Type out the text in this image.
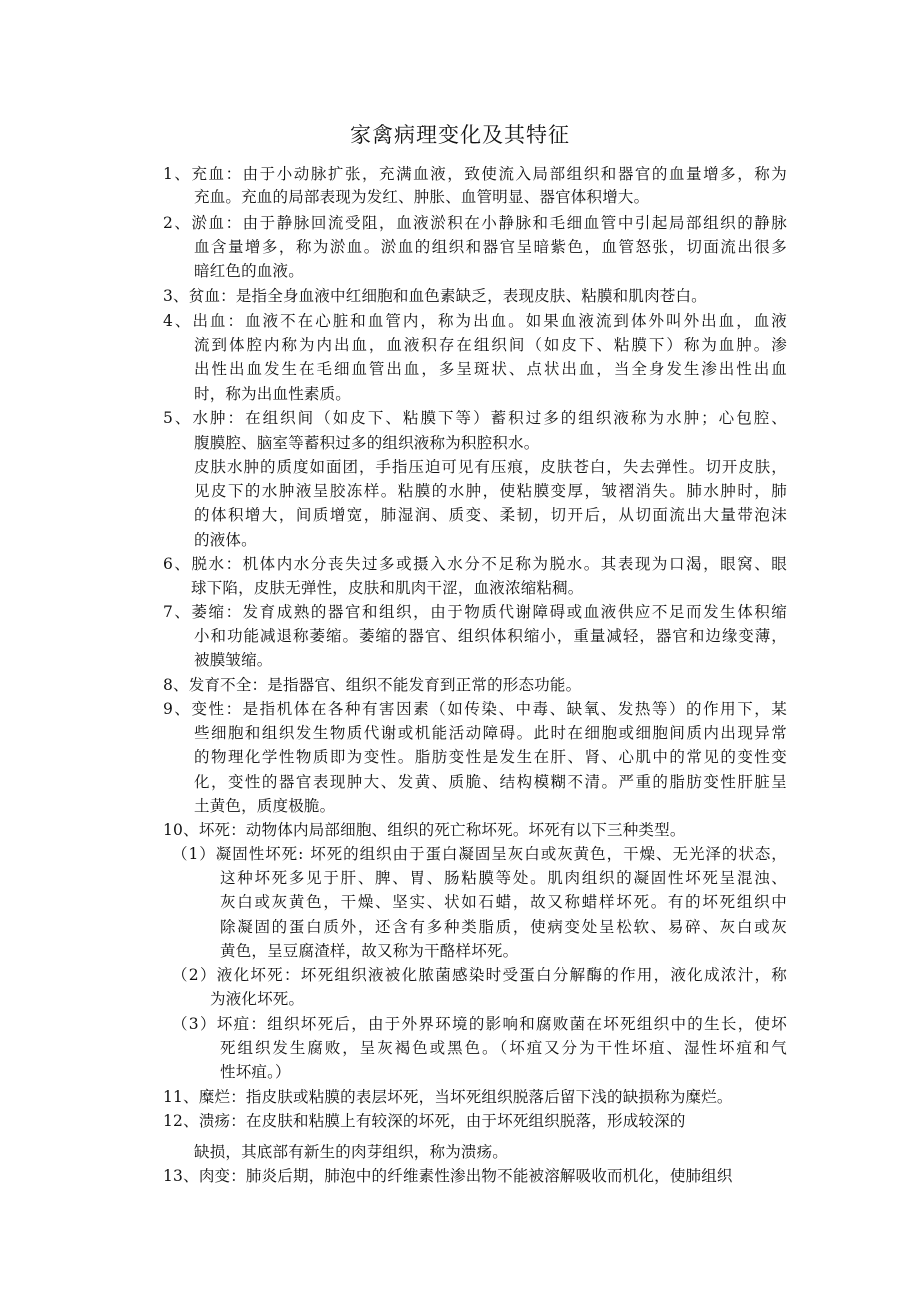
家禽病理变化及其特征
1、充血：由于小动脉扩张，充满血液，致使流入局部组织和器官的血量增多，称为
充血。充血的局部表现为发红、肿胀、血管明显、器官体积增大。
2、淤血：由于静脉回流受阻，血液淤积在小静脉和毛细血管中引起局部组织的静脉
血含量增多，称为淤血。淤血的组织和器官呈暗紫色，血管怒张，切面流出很多
暗红色的血液。
3、贫血：是指全身血液中红细胞和血色素缺乏，表现皮肤、粘膜和肌肉苍白。
4、出血：血液不在心脏和血管内，称为出血。如果血液流到体外叫外出血，血液
流到体腔内称为内出血，血液积存在组织间（如皮下、粘膜下）称为血肿。渗
出性出血发生在毛细血管出血，多呈斑状、点状出血，当全身发生渗出性出血
时，称为出血性素质。
5、水肿：在组织间（如皮下、粘膜下等）蓄积过多的组织液称为水肿；心包腔、
腹膜腔、脑室等蓄积过多的组织液称为积腔积水。
皮肤水肿的质度如面团，手指压迫可见有压痕，皮肤苍白，失去弹性。切开皮肤，
见皮下的水肿液呈胶冻样。粘膜的水肿，使粘膜变厚，皱褶消失。肺水肿时，肺
的体积增大，间质增宽，肺湿润、质变、柔韧，切开后，从切面流出大量带泡沫
的液体。
6、脱水：机体内水分丧失过多或摄入水分不足称为脱水。其表现为口渴，眼窝、眼
球下陷，皮肤无弹性，皮肤和肌肉干涩，血液浓缩粘稠。
7、萎缩：发育成熟的器官和组织，由于物质代谢障碍或血液供应不足而发生体积缩
小和功能减退称萎缩。萎缩的器官、组织体积缩小，重量减轻，器官和边缘变薄，
被膜皱缩。
8、发育不全：是指器官、组织不能发育到正常的形态功能。
9、变性：是指机体在各种有害因素（如传染、中毒、缺氧、发热等）的作用下，某
些细胞和组织发生物质代谢或机能活动障碍。此时在细胞或细胞间质内出现异常
的物理化学性物质即为变性。脂肪变性是发生在肝、肾、心肌中的常见的变性变
化，变性的器官表现肿大、发黄、质脆、结构模糊不清。严重的脂肪变性肝脏呈
土黄色，质度极脆。
10、坏死：动物体内局部细胞、组织的死亡称坏死。坏死有以下三种类型。
（1）凝固性坏死: 坏死的组织由于蛋白凝固呈灰白或灰黄色，干燥、无光泽的状态，
这种坏死多见于肝、脾、胃、肠粘膜等处。肌肉组织的凝固性坏死呈混浊、
灰白或灰黄色，干燥、坚实、状如石蜡，故又称蜡样坏死。有的坏死组织中
除凝固的蛋白质外，还含有多种类脂质，使病变处呈松软、易碎、灰白或灰
黄色，呈豆腐渣样，故又称为干酪样坏死。
（2）液化坏死：坏死组织液被化脓菌感染时受蛋白分解酶的作用，液化成浓汁，称
为液化坏死。
（3）坏疽：组织坏死后，由于外界环境的影响和腐败菌在坏死组织中的生长，使坏
死组织发生腐败，呈灰褐色或黑色。（坏疽又分为干性坏疽、湿性坏疽和气
性坏疽。）
11、糜烂：指皮肤或粘膜的表层坏死，当坏死组织脱落后留下浅的缺损称为糜烂。
12、溃疡：在皮肤和粘膜上有较深的坏死，由于坏死组织脱落，形成较深的
缺损，其底部有新生的肉芽组织，称为溃疡。
13、肉变：肺炎后期，肺泡中的纤维素性渗出物不能被溶解吸收而机化，使肺组织
